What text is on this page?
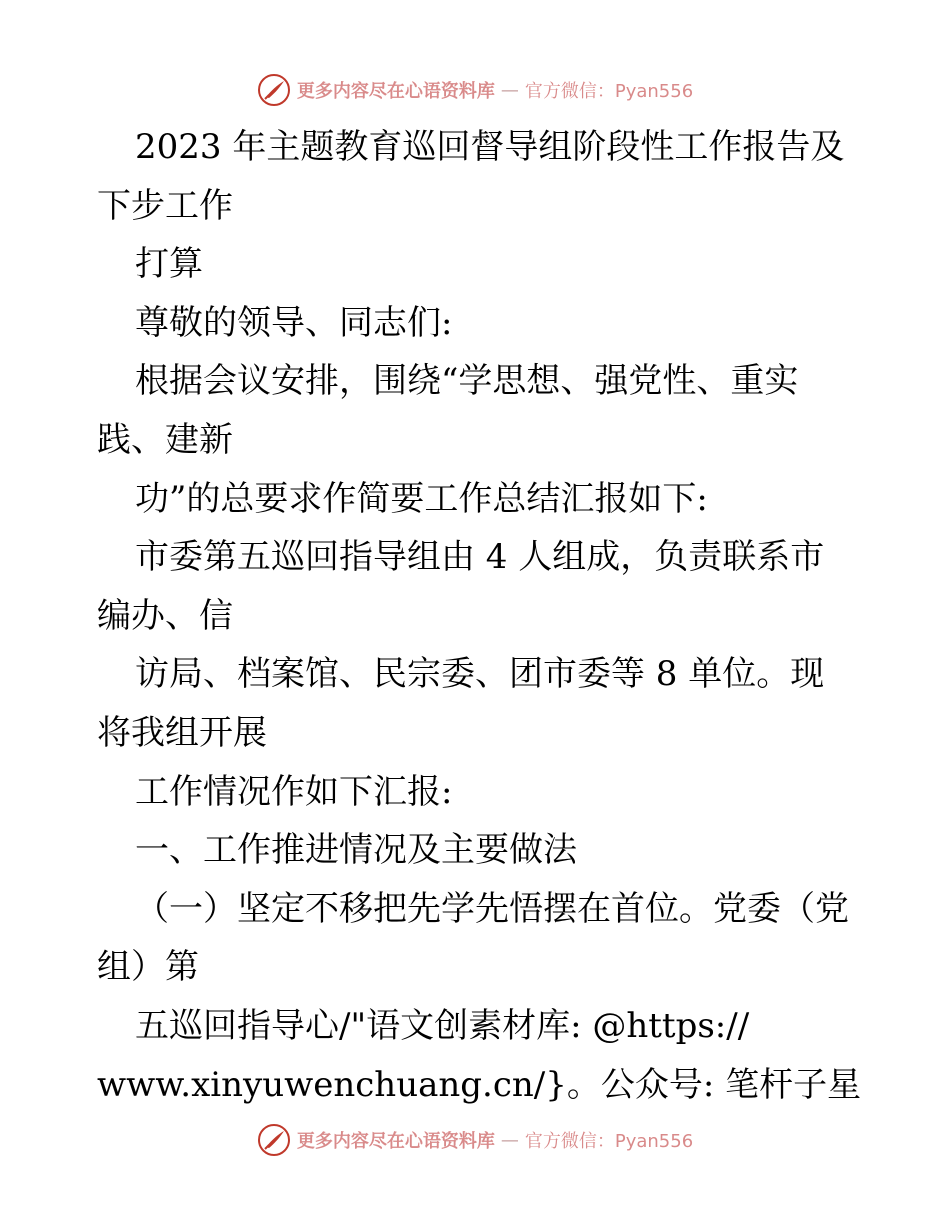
更多内容尽在心语资料库 — 官方微信：Pyan556
2023 年主题教育巡回督导组阶段性工作报告及
下步工作
打算
尊敬的领导、同志们:
根据会议安排，围绕“学思想、强党性、重实
践、建新
功”的总要求作简要工作总结汇报如下:
市委第五巡回指导组由 4 人组成，负责联系市
编办、信
访局、档案馆、民宗委、团市委等 8 单位。现
将我组开展
工作情况作如下汇报:
一、工作推进情况及主要做法
（一）坚定不移把先学先悟摆在首位。党委（党
组）第
五巡回指导心/"语文创素材库: @https://
www.xinyuwenchuang.cn/}。公众号: 笔杆子星
更多内容尽在心语资料库 — 官方微信：Pyan556
